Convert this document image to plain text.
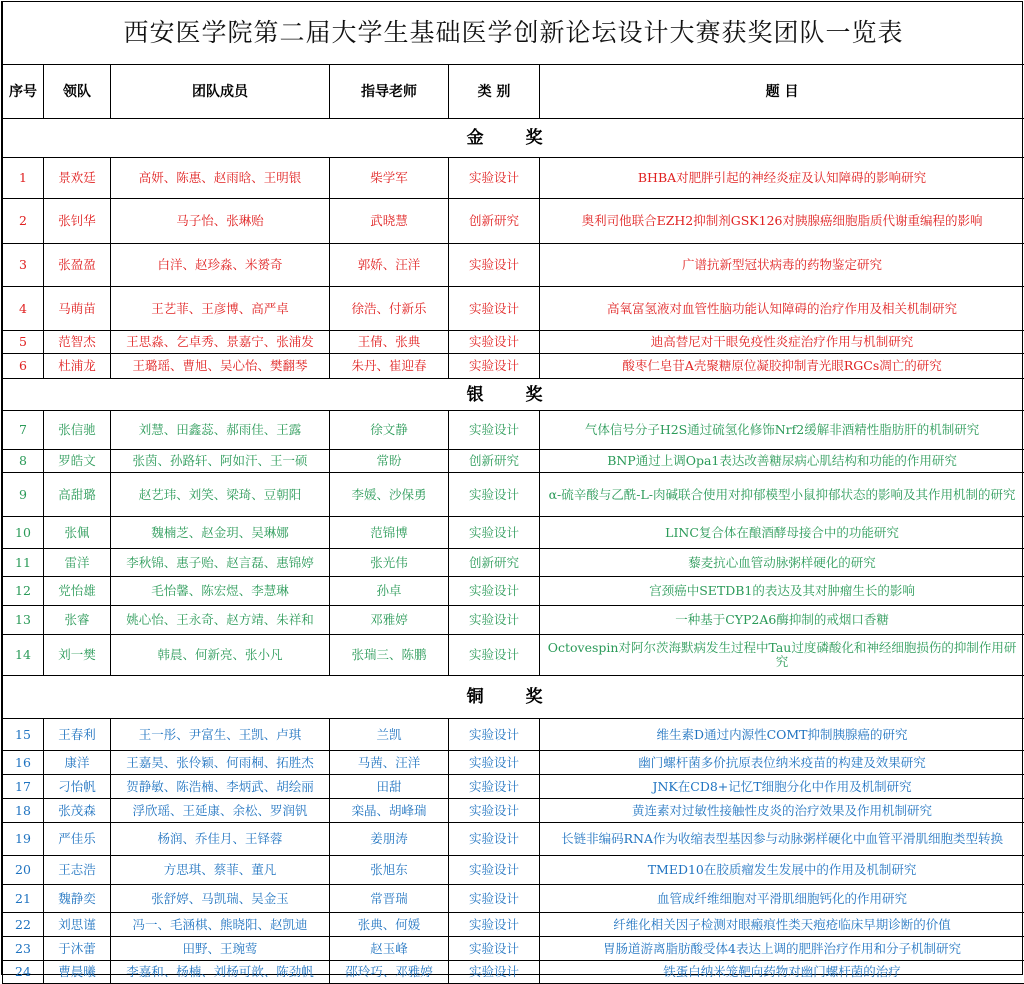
西安医学院第二届大学生基础医学创新论坛设计大赛获奖团队一览表					
序号	领队	团队成员	指导老师	类 别	题 目
金 奖					
1	景欢廷	高妍、陈惠、赵雨晗、王明银	柴学军	实验设计	BHBA对肥胖引起的神经炎症及认知障碍的影响研究
2	张钊华	马子怡、张琳贻	武晓慧	创新研究	奥利司他联合EZH2抑制剂GSK126对胰腺癌细胞脂质代谢重编程的影响
3	张盈盈	白洋、赵珍淼、米赟奇	郭娇、汪洋	实验设计	广谱抗新型冠状病毒的药物鉴定研究
4	马萌苗	王艺菲、王彦博、高严卓	徐浩、付新乐	实验设计	高氧富氢液对血管性脑功能认知障碍的治疗作用及相关机制研究
5	范智杰	王思淼、乞卓秀、景嘉宁、张浦发	王倩、张典	实验设计	迪高替尼对干眼免疫性炎症治疗作用与机制研究
6	杜浦龙	王璐瑶、曹旭、吴心怡、樊翻琴	朱丹、崔迎春	实验设计	酸枣仁皂苷A壳聚糖原位凝胶抑制青光眼RGCs凋亡的研究
银 奖					
7	张信驰	刘慧、田鑫蕊、郝雨佳、王露	徐文静	实验设计	气体信号分子H2S通过硫氢化修饰Nrf2缓解非酒精性脂肪肝的机制研究
8	罗皓文	张茵、孙路轩、阿如汗、王一硕	常盼	创新研究	BNP通过上调Opa1表达改善糖尿病心肌结构和功能的作用研究
9	高甜璐	赵艺玮、刘笑、梁琦、豆朝阳	李媛、沙保勇	实验设计	α-硫辛酸与乙酰-L-肉碱联合使用对抑郁模型小鼠抑郁状态的影响及其作用机制的研究
10	张佩	魏楠芝、赵金玥、吴琳娜	范锦博	实验设计	LINC复合体在酿酒酵母接合中的功能研究
11	雷洋	李秋锦、惠子贻、赵言磊、惠锦婷	张光伟	创新研究	藜麦抗心血管动脉粥样硬化的研究
12	党怡雄	毛怡馨、陈宏煜、李慧琳	孙卓	实验设计	宫颈癌中SETDB1的表达及其对肿瘤生长的影响
13	张睿	姚心怡、王永奇、赵方靖、朱祥和	邓雅婷	实验设计	一种基于CYP2A6酶抑制的戒烟口香糖
14	刘一樊	韩晨、何新亮、张小凡	张瑞三、陈鹏	实验设计	Octovespin对阿尔茨海默病发生过程中Tau过度磷酸化和神经细胞损伤的抑制作用研究
铜 奖					
15	王春利	王一彤、尹富生、王凯、卢琪	兰凯	实验设计	维生素D通过内源性COMT抑制胰腺癌的研究
16	康洋	王嘉昊、张伶颖、何雨桐、拓胜杰	马茜、汪洋	实验设计	幽门螺杆菌多价抗原表位纳米疫苗的构建及效果研究
17	刁怡帆	贺静敏、陈浩楠、李炳武、胡绘丽	田甜	实验设计	JNK在CD8+记忆T细胞分化中作用及机制研究
18	张茂森	浮欣瑶、王延康、余松、罗润钒	栾晶、胡峰瑞	实验设计	黄连素对过敏性接触性皮炎的治疗效果及作用机制研究
19	严佳乐	杨润、乔佳月、王铎蓉	姜朋涛	实验设计	长链非编码RNA作为收缩表型基因参与动脉粥样硬化中血管平滑肌细胞类型转换
20	王志浩	方思琪、蔡菲、董凡	张旭东	实验设计	TMED10在胶质瘤发生发展中的作用及机制研究
21	魏静奕	张舒婷、马凯瑞、吴金玉	常晋瑞	实验设计	血管成纤维细胞对平滑肌细胞钙化的作用研究
22	刘思谨	冯一、毛涵棋、熊晓阳、赵凯迪	张典、何媛	实验设计	纤维化相关因子检测对眼瘢痕性类天疱疮临床早期诊断的价值
23	于沐蕾	田野、王琬莺	赵玉峰	实验设计	胃肠道游离脂肪酸受体4表达上调的肥胖治疗作用和分子机制研究
24	曹晨曦	李嘉和、杨楠、刘杨可歆、陈劲帆	邵玲巧、邓雅婷	实验设计	铁蛋白纳米笼靶向药物对幽门螺杆菌的治疗
